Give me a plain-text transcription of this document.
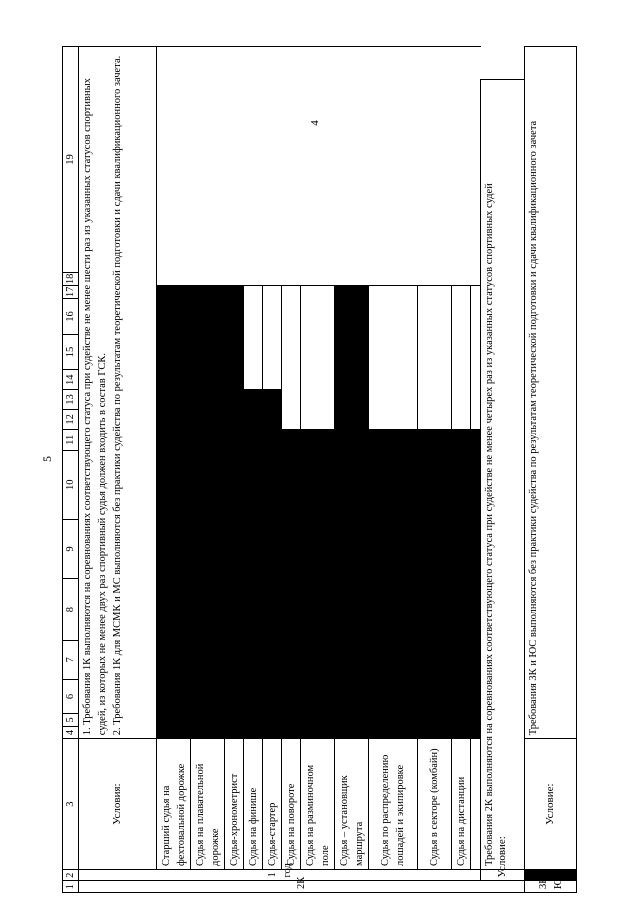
5
1	2	3	4	5	6	7	8	9	10	11	12	13	14	15	16	17	18	19
2К	1 год	Условия:	1. Требования 1К выполняются на соревнованиях соответствующего статуса при судействе не менее шести раз из указанных статусов спортивных судей, из которых не менее двух раз спортивный судья должен входить в состав ГСК.
2. Требования 1К для МСМК и МС выполняются без практики судейства по результатам теоретической подготовки и сдачи квалификационного зачета.															
		Старший судья на фехтовальной дорожке																
		Судья на плавательной дорожке																
		Судья-хронометрист																
		Судья на финише																
		Судья-стартер																
		Судья на повороте																
		Судья на разминочном поле																
		Судья – установщик маршрута																
		Судья по распределению лошадей и экипировке																
		Судья в секторе (комбайн)																
		Судья на дистанции																

	Условие:	Требования 2К выполняются на соревнованиях соответствующего статуса при судействе не менее четырех раз из указанных статусов спортивных судей																
3К/ЮС		Условие:	Требования 3К и ЮС выполняются без практики судейства по результатам теоретической подготовки и сдачи квалификационного зачета															
4
